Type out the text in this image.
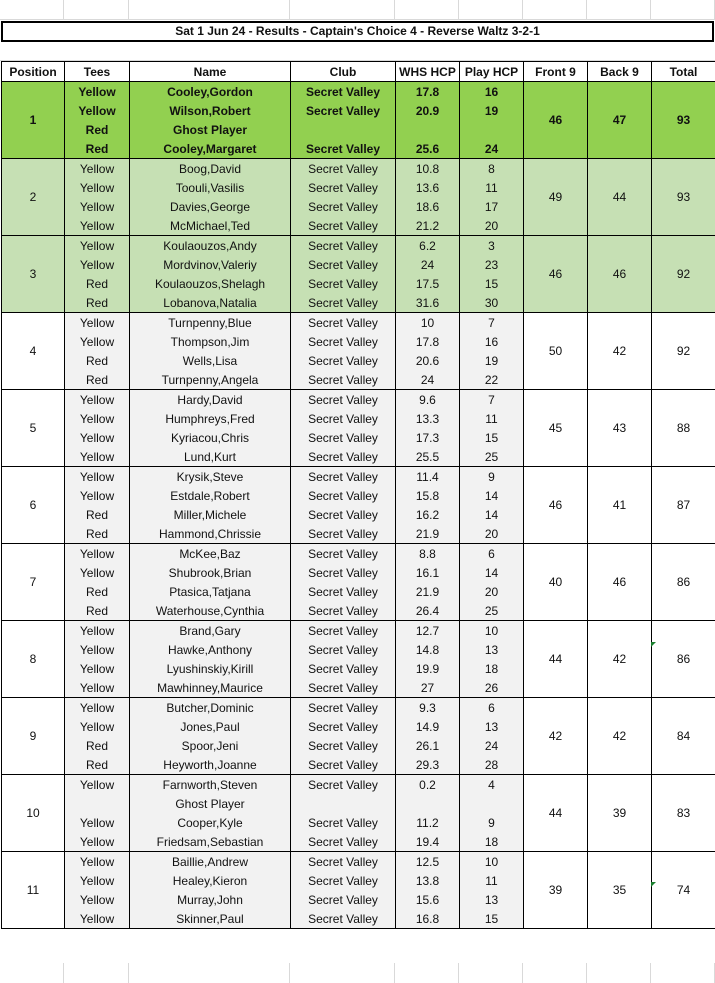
Sat 1 Jun 24 - Results - Captain's Choice 4 - Reverse Waltz 3-2-1
Position	Tees	Name	Club	WHS HCP	Play HCP	Front 9	Back 9	Total
1	Yellow	Cooley,Gordon	Secret Valley	17.8	16	46	47	93
	Yellow	Wilson,Robert	Secret Valley	20.9	19			
	Red	Ghost Player						
	Red	Cooley,Margaret	Secret Valley	25.6	24			
2	Yellow	Boog,David	Secret Valley	10.8	8	49	44	93
	Yellow	Toouli,Vasilis	Secret Valley	13.6	11			
	Yellow	Davies,George	Secret Valley	18.6	17			
	Yellow	McMichael,Ted	Secret Valley	21.2	20			
3	Yellow	Koulaouzos,Andy	Secret Valley	6.2	3	46	46	92
	Yellow	Mordvinov,Valeriy	Secret Valley	24	23			
	Red	Koulaouzos,Shelagh	Secret Valley	17.5	15			
	Red	Lobanova,Natalia	Secret Valley	31.6	30			
4	Yellow	Turnpenny,Blue	Secret Valley	10	7	50	42	92
	Yellow	Thompson,Jim	Secret Valley	17.8	16			
	Red	Wells,Lisa	Secret Valley	20.6	19			
	Red	Turnpenny,Angela	Secret Valley	24	22			
5	Yellow	Hardy,David	Secret Valley	9.6	7	45	43	88
	Yellow	Humphreys,Fred	Secret Valley	13.3	11			
	Yellow	Kyriacou,Chris	Secret Valley	17.3	15			
	Yellow	Lund,Kurt	Secret Valley	25.5	25			
6	Yellow	Krysik,Steve	Secret Valley	11.4	9	46	41	87
	Yellow	Estdale,Robert	Secret Valley	15.8	14			
	Red	Miller,Michele	Secret Valley	16.2	14			
	Red	Hammond,Chrissie	Secret Valley	21.9	20			
7	Yellow	McKee,Baz	Secret Valley	8.8	6	40	46	86
	Yellow	Shubrook,Brian	Secret Valley	16.1	14			
	Red	Ptasica,Tatjana	Secret Valley	21.9	20			
	Red	Waterhouse,Cynthia	Secret Valley	26.4	25			
8	Yellow	Brand,Gary	Secret Valley	12.7	10	44	42	86
	Yellow	Hawke,Anthony	Secret Valley	14.8	13			
	Yellow	Lyushinskiy,Kirill	Secret Valley	19.9	18			
	Yellow	Mawhinney,Maurice	Secret Valley	27	26			
9	Yellow	Butcher,Dominic	Secret Valley	9.3	6	42	42	84
	Yellow	Jones,Paul	Secret Valley	14.9	13			
	Red	Spoor,Jeni	Secret Valley	26.1	24			
	Red	Heyworth,Joanne	Secret Valley	29.3	28			
10	Yellow	Farnworth,Steven	Secret Valley	0.2	4	44	39	83
		Ghost Player						
	Yellow	Cooper,Kyle	Secret Valley	11.2	9			
	Yellow	Friedsam,Sebastian	Secret Valley	19.4	18			
11	Yellow	Baillie,Andrew	Secret Valley	12.5	10	39	35	74
	Yellow	Healey,Kieron	Secret Valley	13.8	11			
	Yellow	Murray,John	Secret Valley	15.6	13			
	Yellow	Skinner,Paul	Secret Valley	16.8	15			
